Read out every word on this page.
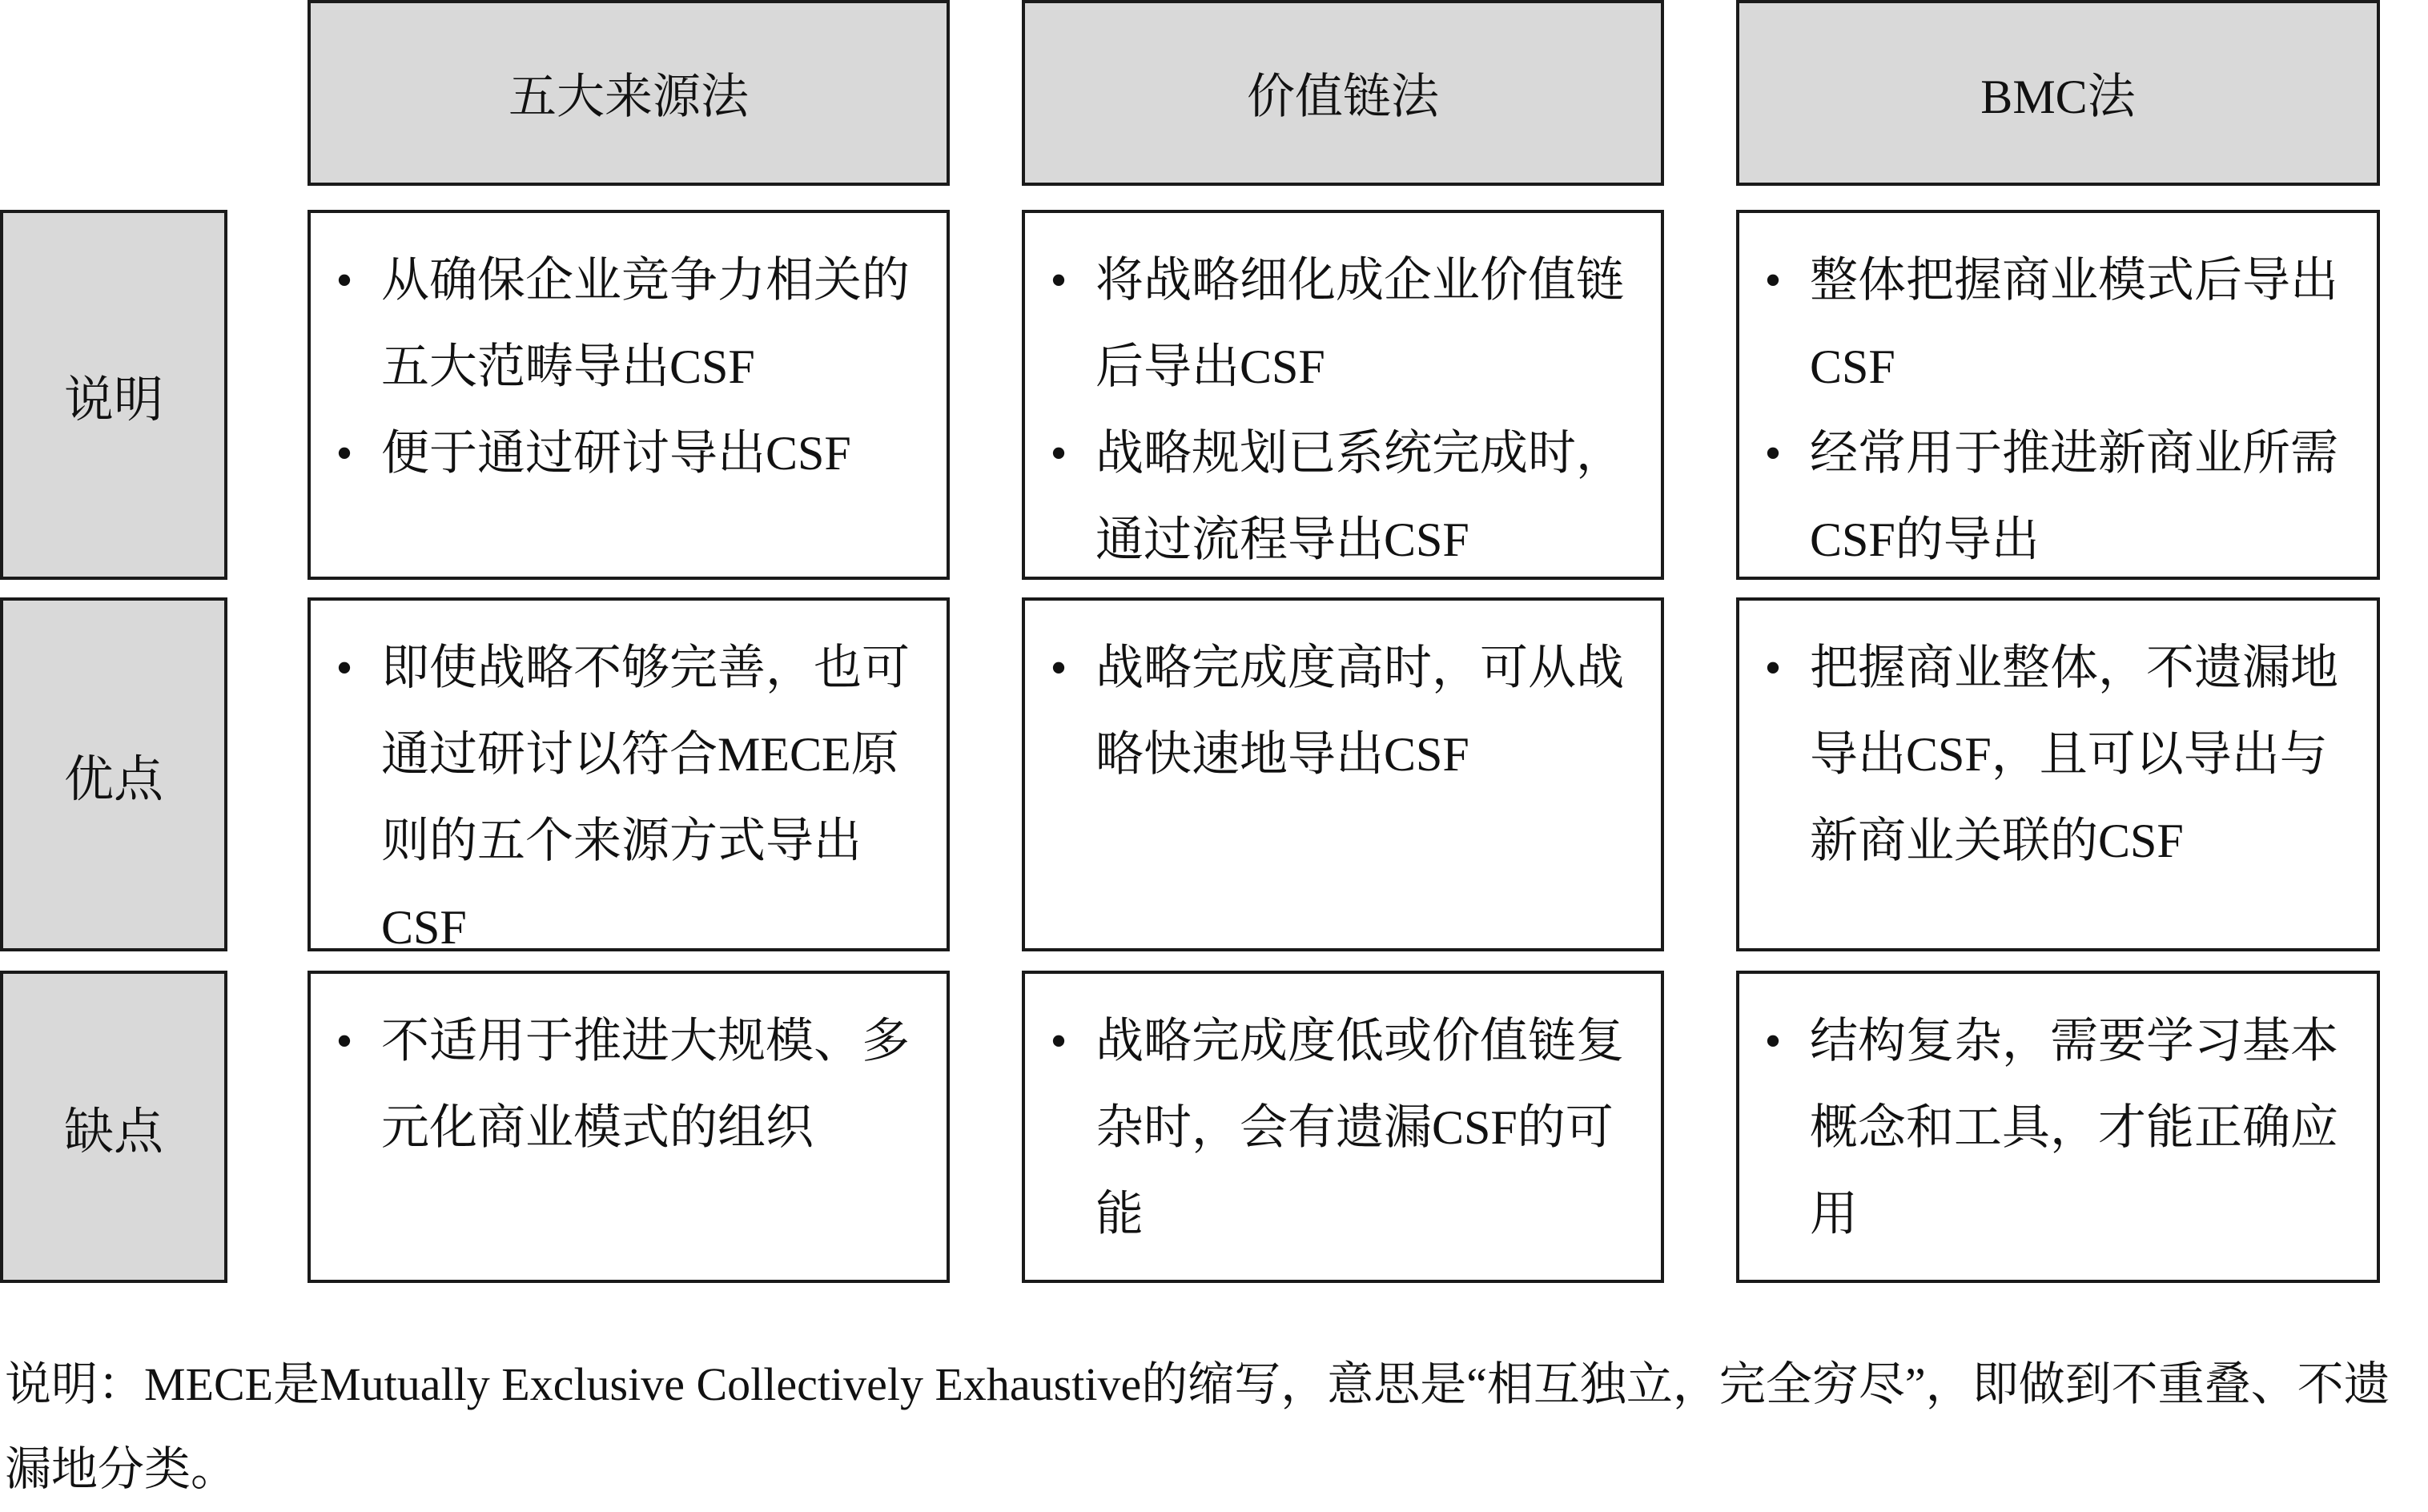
五大来源法	价值链法	BMC法
说明
优点
缺点
• 从确保企业竞争力相关的五大范畴导出CSF
• 便于通过研讨导出CSF
• 将战略细化成企业价值链后导出CSF
• 战略规划已系统完成时，通过流程导出CSF
• 整体把握商业模式后导出CSF
• 经常用于推进新商业所需CSF的导出
• 即使战略不够完善，也可通过研讨以符合MECE原则的五个来源方式导出CSF
• 战略完成度高时，可从战略快速地导出CSF
• 把握商业整体，不遗漏地导出CSF，且可以导出与新商业关联的CSF
• 不适用于推进大规模、多元化商业模式的组织
• 战略完成度低或价值链复杂时，会有遗漏CSF的可能
• 结构复杂，需要学习基本概念和工具，才能正确应用
说明：MECE是Mutually Exclusive Collectively Exhaustive的缩写，意思是“相互独立，完全穷尽”，即做到不重叠、不遗漏地分类。
